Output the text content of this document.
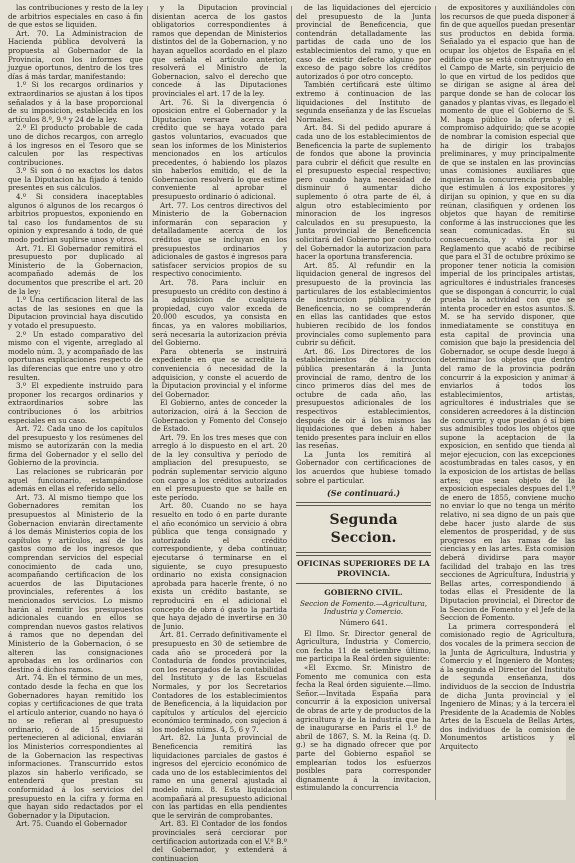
las contribuciones y resto de la ley de arbitrios especiales en caso á fin de que estos se liquiden.

Art. 70. La Administracion de Hacienda pública devolverá la propuesta al Gobernador de la Provincia, con los informes que juzgue oportunos, dentro de los tres días á más tardar, manifestando:

1.º Si los recargos ordinarios y extraordinarios se ajustan á los tipos señalados y á la base proporcional de su imposicion, establecida en los artículos 8.º, 9.º y 24 de la ley.

2.º El producto probable de cada uno de dichos recargos, con arreglo á los ingresos en el Tesoro que se calculen por las respectivas contribuciones.

3.º Si son ó no exactos los datos que la Diputacion ha fijado á tenido presentes en sus cálculos.

4.º Si considera inaceptables algunos ó algunos de los recargos ó arbitrios propuestos, exponiendo en tal caso los fundamentos de su opinion y expresando á todo, de qué modo podrian suplirse unos y otros.

Art. 71. El Gobernador remitirá el presupuesto por duplicado al Ministerio de la Gobernacion, acompañado además de los documentos que prescribe el art. 20 de la ley:

1.º Una certificacion literal de las actas de las sesiones en que la Diputacion provincial haya discutido y votado el presupuesto.

2.º Un estado comparativo del mismo con el vigente, arreglado al modelo núm. 3, y acompañado de las oportunas explicaciones respecto de las diferencias que entre uno y otro resulten.

3.º El expediente instruido para proponer los recargos ordinarios y extraordinarios sobre las contribuciones ó los arbitrios especiales en su caso.

Art. 72. Cada uno de los capítulos del presupuesto y los resúmenes del mismo se autorizarán con la media firma del Gobernador y el sello del Gobierno de la provincia.

Las relaciones se rubricarán por aquel funcionario, estampándose además en ellas el referido sello.

Art. 73. Al mismo tiempo que los Gobernadores remitan los presupuestos al Ministerio de la Gobernacion enviarán directamente á los demás Ministerios copia de los capítulos y artículos, así de los gastos como de los ingresos que comprendan servicios del especial conocimiento de cada uno, acompañando certificacion de los acuerdos de las Diputaciones provinciales, referentes á los mencionados servicios. Lo mismo harán al remitir los presupuestos adicionales cuando en ellos se comprendan nuevos gastos relativos á ramos que no dependan del Ministerio de la Gobernacion, ó se alteren las consignaciones aprobadas en los ordinarios con destino á dichos ramos.

Art. 74. En el término de un mes, contado desde la fecha en que los Gobernadores hayan remitido los copias y certificaciones de que trata el artículo anterior, cuando no haya ó no se refieran al presupuesto ordinario, ó de 15 días si pertenecieren al adicional, enviarán los Ministerios correspondientes al de la Gobernacion las respectivas informaciones. Transcurrido estos plazos sin haberlo verificado, se entenderá que prestan su conformidad á los servicios del presupuesto en la cifra y forma en que hayan sido redactados por el Gobernador y la Diputacion.

Art. 75. Cuando el Gobernador

y la Diputacion provincial disientan acerca de los gastos obligatorios correspondientes á ramos que dependan de Ministerios distintos del de la Gobernacion, y no hayan aquellos acordado en el plazo que señala el artículo anterior, resolverá el Ministro de la Gobernacion, salvo el derecho que concede á las Diputaciones provinciales el art. 17 de la ley.

Art. 76. Si la divergencia ó oposicion entre el Gobernador y la Diputacion versare acerca del crédito que se haya votado para gastos voluntarios, evacuados que sean los informes de los Ministerios mencionados en los artículos precedentes, ó habiendo los plazos sin haberlos emitido, el de la Gobernacion resolverá lo que estime conveniente al aprobar el presupuesto ordinario ó adicional.

Art. 77. Los centros directivos del Ministerio de la Gobernacion informarán con separacion y detalladamente acerca de los créditos que se incluyan en los presupuestos ordinarios y adicionales de gastos é ingresos para satisfacer servicios propios de su respectivo conocimiento.

Art. 78. Para incluir en presupuesto un crédito con destino á la adquisicion de cualquiera propiedad, cuyo valor exceda de 20.000 escudos, ya consista en fincas, ya en valores mobiliarios, será necesaria la autorizacion prévia del Gobierno.

Para obtenerla se instruirá expediente en que se acredite la conveniencia ó necesidad de la adquisicion, y conste el acuerdo de la Diputacion provincial y el informe del Gobernador.

El Gobierno, antes de conceder la autorizacion, oirá á la Seccion de Gobernacion y Fomento del Consejo de Estado.

Art. 79. En los tres meses que con arreglo á lo dispuesto en el art. 20 de la ley consultiva y período de ampliacion del presupuesto, se podrán suplementar servicio alguno con cargo a los créditos autorizados en el presupuesto que se halle en este período.

Art. 80. Cuando no se haya resuelto en todo ó en parte durante el año económico un servicio á obra pública que tenga consignado y autorizado el crédito correspondiente, y deba continuar, ejecutarse ó terminarse en el siguiente, se cuyo presupuesto ordinario no exista consignacion aprobada para hacerle frente, ó no exista un crédito bastante, se reproducirá en el adicional el concepto de obra ó gasto la partida que haya dejado de invertirse en 30 de Junio.

Art. 81. Cerrado definitivamente el presupuesto en 30 de setiembre de cada año se procederá por la Contaduría de fondos provinciales, con los recargados de la contabilidad del Instituto y de las Escuelas Normales, y por los Secretarios Contadores de los establecimientos de Beneficencia, á la liquidacion por capítulos y artículos del ejercicio económico terminado, con sujecion á los modelos núms. 4, 5, 6 y 7.

Art. 82. La Junta provincial de Beneficencia remitirá las liquidaciones parciales de gastos é ingresos del ejercicio económico de cada uno de los establecimientos del ramo en una general ajustada al modelo núm. 8. Esta liquidacion acompañará al presupuesto adicional con las partidas en ella pendientes que le servirán de comprobantes.

Art. 83. El Contador de los fondos provinciales será cerciorar por certificacion autorizada con el V.º B.º del Gobernador, y extenderá á continuacion

de las liquidaciones del ejercicio del presupuesto de la Junta provincial de Beneficencia, que contendrán detalladamente las partidas de cada uno de los establecimientos del ramo, y que en caso de existir defecto alguno por exceso de pago sobre los créditos autorizados ó por otro concepto.

También certificará este último extremo á continuacion de las liquidaciones del Instituto de segunda enseñanza y de las Escuelas Normales.

Art. 84. Si del pedido apurare á cada uno de los establecimientos de Beneficencia la parte de suplemento de fondos que abone la provincia para cubrir el déficit que resulte en el presupuesto especial respectivo; pero cuando haya necesidad de disminuir ó aumentar dicho suplemento ó otra parte de él, á algun otro establecimiento por minoracion de los ingresos calculados en su presupuesto, la Junta provincial de Beneficencia solicitará del Gobierno por conducto del Gobernador la autorizacion para hacer la oportuna transferencia.

Art. 85. Al refundir en la liquidacion general de ingresos del presupuesto de la provincia las particulares de los establecimientos de instruccion pública y de Beneficencia, no se comprenderán en ellas las cantidades que estos hubieren recibido de los fondos provinciales como suplemento para cubrir su déficit.

Art. 86. Los Directores de los establecimientos de instruccion pública presentarán á la Junta provincial de ramo, dentro de los cinco primeros días del mes de octubre de cada año, las presupuestos adicionales de los respectivos establecimientos, después de oir á los mismos las liquidaciones que deben á haber tenido presentes para incluir en ellos las reseñas.

La Junta los remitirá al Gobernador con certificaciones de los acuerdos que hubiese tomado sobre el particular.

(Se continuará.)
Segunda Seccion.
OFICINAS SUPERIORES DE LA PROVINCIA.
GOBIERNO CIVIL.
Seccion de Fomento.—Agricultura, Industria y Comercio.
Número 641.

El Ilmo. Sr. Director general de Agricultura, Industria y Comercio, con fecha 11 de setiembre último, me participa la Real órden siguiente:

«El Excmo. Sr. Ministro de Fomento me comunica con esta fecha la Real órden siguiente.—Ilmo. Señor.—Invitada España para concurrir á la exposicion universal de obras de arte y de productos de la agricultura y de la industria que ha de inaugurarse en Paris el 1.º de abril de 1867, S. M. la Reina (q. D. g.) se ha dignado ofrecer que por parte del Gobierno español se emplearían todos los esfuerzos posibles para corresponder dignamente á la invitacion, estimulando la concurrencia

de expositores y auxiliándoles con los recursos de que pueda disponer á fin de que aquellos puedan presentar sus productos en debida forma. Señalado ya el espacio que han de ocupar los objetos de España en el edificio que se está construyendo en el Campo de Marte, sin perjuicio de lo que en virtud de los pedidos que se dirigan se asigne al área del parque donde se han de colocar los ganados y plantas vivas, es llegado el momento de que el Gobierno de S. M. haga público la oferta y el compromiso adquirido; que se acopie de nombrar la comision especial que ha de dirigir los trabajos preliminares, y muy principalmente de que se instalen en las provincias unas comisiones auxiliares que inquieran la concurrencia probable; que estimulen á los expositores y dirijan su opinion, y que en su día reúnan, clasifiquen y ordenen los objetos que hayan de remitirse conforme á las instrucciones que les sean comunicadas. En su consecuencia, y vista por el Reglamento que acabó de recibirse que para el 31 de octubre próximo se proponer tener noticia la comision imperial de los principales artistas, agricultores é industriales franceses que se dispongan á concurrir, lo cual prueba la actividad con que se intenta proceder en estos asuntos. S. M. se ha servido disponer, que inmediatamente se constituya en esta capital de provincia una comision que bajo la presidencia del Gobernador, se ocupe desde luego á determinar los objetos que dentro del ramo de la provincia podrán concurrir á la exposicion y animar á enviarlos á todos los establecimientos, artistas, agricultores é industriales que se consideren acreedores á la distincion de concurrir, y que puedan ó sí bien sus admisibles todos los objetos que supone la aceptacion de la exposicion, en sentido que tienda al mejor ejecucion, con las excepciones acostumbradas en tales casos, y en la exposicion de los artistas de bellas artes; que sean objeto de la exposicion especiales despues del 1.º de enero de 1855, conviene mucho no enviar lo que no tenga un mérito relativo, ni sea digno de un país que debe hacer justo alarde de sus elementos de prosperidad, y de sus progresos en las ramas de las ciencias y en las artes. Esta comision deberá dividirse para mayor facilidad del trabajo en las tres secciones de Agricultura, Industria y Bellas artes, correspondiendo á todas ellas el Presidente de la Diputacion provincial, el Director de la Seccion de Fomento y el Jefe de la Seccion de Fomento.

La primera corresponderá el comisionado regio de Agricultura, dos vocales de la primera seccion de la Junta de Agricultura, Industria y Comercio y el Ingeniero de Montes; á la segunda el Director del Instituto de segunda enseñanza, dos individuos de la seccion de Industria de dicha Junta provincial y el Ingeniero de Minas; y á la tercera el Presidente de la Academia de Nobles Artes de la Escuela de Bellas Artes, dos individuos de la comision de Monumentos artísticos y el Arquitecto
